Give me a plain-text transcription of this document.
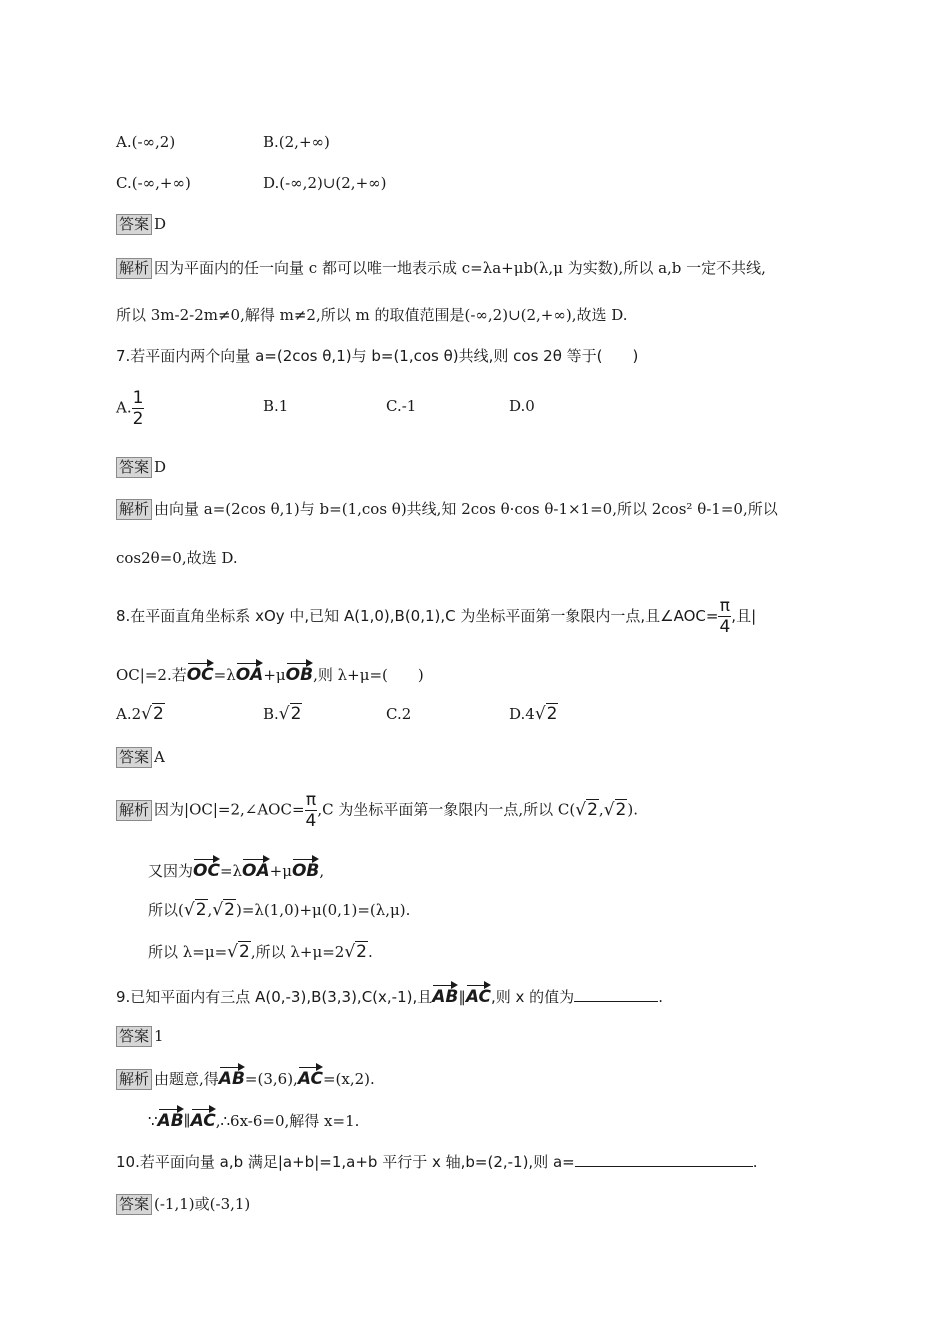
A.(-∞,2)	B.(2,+∞)
C.(-∞,+∞)	D.(-∞,2)∪(2,+∞)
答案 D
解析 因为平面内的任一向量 c 都可以唯一地表示成 c=λa+μb(λ,μ 为实数),所以 a,b 一定不共线,
所以 3m-2-2m≠0,解得 m≠2,所以 m 的取值范围是(-∞,2)∪(2,+∞),故选 D.
7.若平面内两个向量 a=(2cos θ,1)与 b=(1,cos θ)共线,则 cos 2θ 等于(　　)
A. $\frac{1}{2}$	B.1	C.-1	D.0
答案 D
解析 由向量 a=(2cos θ,1)与 b=(1,cos θ)共线,知 2cos θ·cos θ-1×1=0,所以 2cos² θ-1=0,所以
cos2θ=0,故选 D.
8.在平面直角坐标系 xOy 中,已知 A(1,0),B(0,1),C 为坐标平面第一象限内一点,且∠AOC= $\frac{\pi}{4}$ ,且|
OC|=2.若OC=λOA+μOB,则 λ+μ=(　　)
A.2√2	B.√2	C.2	D.4√2
答案 A
解析 因为|OC|=2,∠AOC= $\frac{\pi}{4} ,C$ 为坐标平面第一象限内一点,所以 C(√2,√2).
又因为OC=λOA+μOB,
所以(√2,√2)=λ(1,0)+μ(0,1)=(λ,μ).
所以 λ=μ=√2,所以 λ+μ=2√2.
9.已知平面内有三点 A(0,-3),B(3,3),C(x,-1),且AB∥AC,则 x 的值为	.
答案 1
解析 由题意,得AB=(3,6),AC=(x,2).
∵AB∥AC,∴6x-6=0,解得 x=1.
10.若平面向量 a,b 满足|a+b|=1,a+b 平行于 x 轴,b=(2,-1),则 a=	.
答案 (-1,1)或(-3,1)
